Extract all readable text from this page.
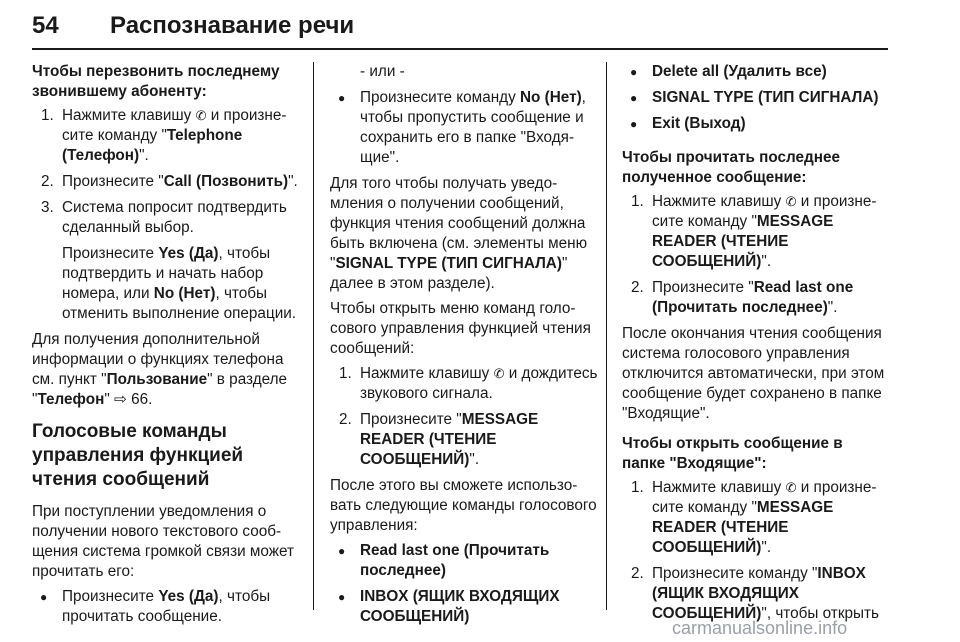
54 Распознавание речи

Чтобы перезвонить последнему звонившему абоненту:

1. Нажмите клавишу ✆ и произнесите команду "Telephone (Телефон)".
2. Произнесите "Call (Позвонить)".
3. Система попросит подтвердить сделанный выбор.
Произнесите Yes (Да), чтобы подтвердить и начать набор номера, или No (Нет), чтобы отменить выполнение операции.

Для получения дополнительной информации о функциях телефона см. пункт "Пользование" в разделе "Телефон" ⇨ 66.

Голосовые команды управления функцией чтения сообщений

При поступлении уведомления о получении нового текстового сообщения система громкой связи может прочитать его:

● Произнесите Yes (Да), чтобы прочитать сообщение.
- или -
● Произнесите команду No (Нет), чтобы пропустить сообщение и сохранить его в папке "Входящие".

Для того чтобы получать уведомления о получении сообщений, функция чтения сообщений должна быть включена (см. элементы меню "SIGNAL TYPE (ТИП СИГНАЛА)" далее в этом разделе).

Чтобы открыть меню команд голосового управления функцией чтения сообщений:

1. Нажмите клавишу ✆ и дождитесь звукового сигнала.
2. Произнесите "MESSAGE READER (ЧТЕНИЕ СООБЩЕНИЙ)".

После этого вы сможете использовать следующие команды голосового управления:

● Read last one (Прочитать последнее)
● INBOX (ЯЩИК ВХОДЯЩИХ СООБЩЕНИЙ)
● Delete all (Удалить все)
● SIGNAL TYPE (ТИП СИГНАЛА)
● Exit (Выход)

Чтобы прочитать последнее полученное сообщение:

1. Нажмите клавишу ✆ и произнесите команду "MESSAGE READER (ЧТЕНИЕ СООБЩЕНИЙ)".
2. Произнесите "Read last one (Прочитать последнее)".

После окончания чтения сообщения система голосового управления отключится автоматически, при этом сообщение будет сохранено в папке "Входящие".

Чтобы открыть сообщение в папке "Входящие":

1. Нажмите клавишу ✆ и произнесите команду "MESSAGE READER (ЧТЕНИЕ СООБЩЕНИЙ)".
2. Произнесите команду "INBOX (ЯЩИК ВХОДЯЩИХ СООБЩЕНИЙ)", чтобы открыть
carmanualsonline.info
